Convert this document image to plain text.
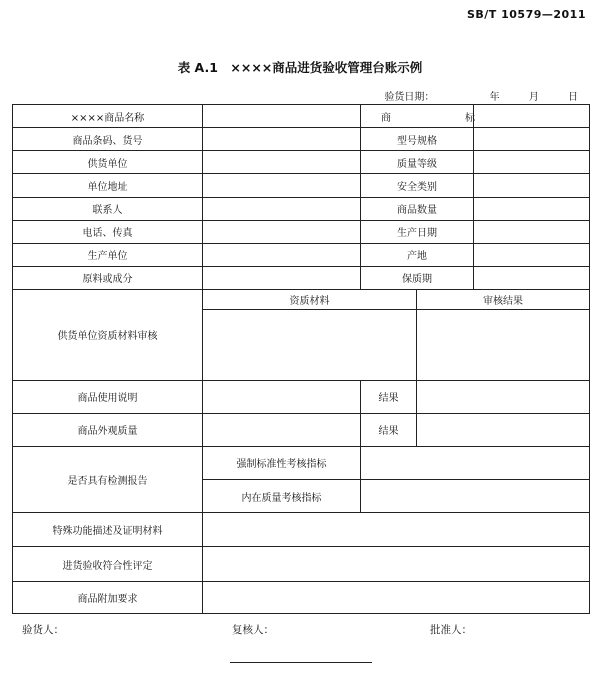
SB/T 10579—2011
表 A.1　××××商品进货验收管理台账示例
验货日期：	年	月	日
××××商品名称		商　　标		
商品条码、货号		型号规格		
供货单位		质量等级		
单位地址		安全类别		
联系人		商品数量		
电话、传真		生产日期		
生产单位		产地		
原料或成分		保质期		
供货单位资质材料审核	资质材料		审核结果	

商品使用说明		结果		
商品外观质量		结果		
是否具有检测报告	强制标准性考核指标			
	内在质量考核指标			
特殊功能描述及证明材料				
进货验收符合性评定				
商品附加要求				
验货人：	复核人：	批准人：
